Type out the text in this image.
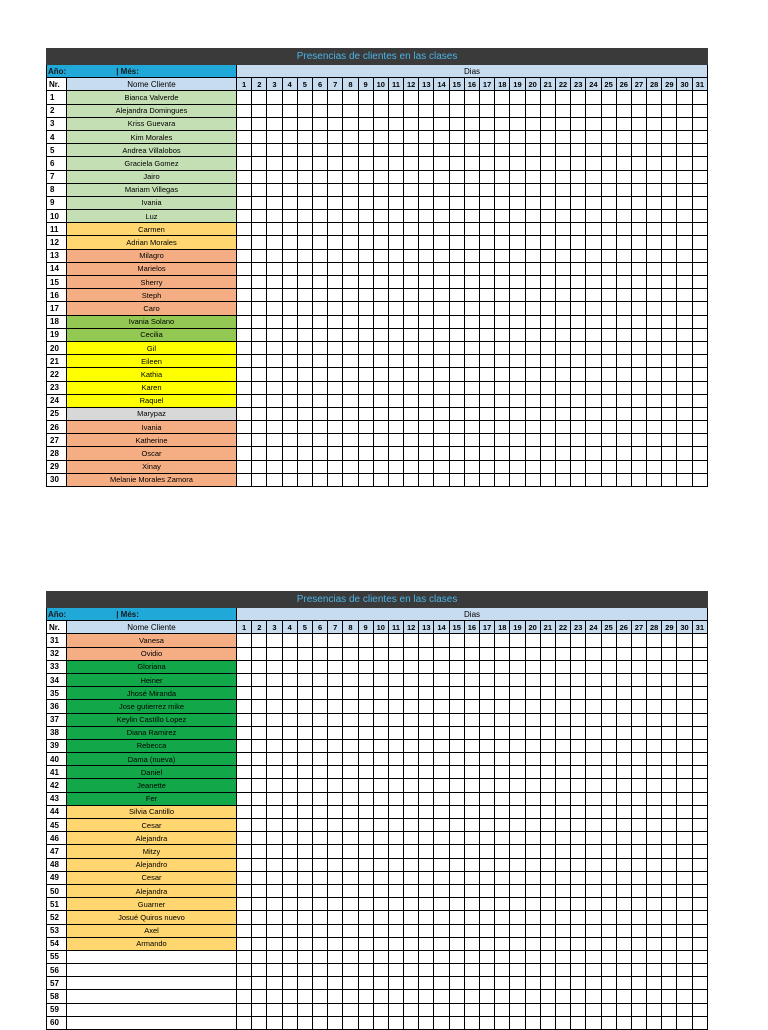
Presencias de clientes en las clases																																
Año: | Més:		Dias																														
Nr.	Nome Cliente	1	2	3	4	5	6	7	8	9	10	11	12	13	14	15	16	17	18	19	20	21	22	23	24	25	26	27	28	29	30	31
1	Bianca Valverde																															
2	Alejandra Domingues																															
3	Kriss Guevara																															
4	Kim Morales																															
5	Andrea Villalobos																															
6	Graciela Gomez																															
7	Jairo																															
8	Mariam Villegas																															
9	Ivania																															
10	Luz																															
11	Carmen																															
12	Adrian Morales																															
13	Milagro																															
14	Marielos																															
15	Sherry																															
16	Steph																															
17	Caro																															
18	Ivania Solano																															
19	Cecilia																															
20	Gil																															
21	Eileen																															
22	Kathia																															
23	Karen																															
24	Raquel																															
25	Marypaz																															
26	Ivania																															
27	Katherine																															
28	Oscar																															
29	Xinay																															
30	Melanie Morales Zamora																															
Presencias de clientes en las clases																																
Año: | Més:		Dias																														
Nr.	Nome Cliente	1	2	3	4	5	6	7	8	9	10	11	12	13	14	15	16	17	18	19	20	21	22	23	24	25	26	27	28	29	30	31
31	Vanesa																															
32	Ovidio																															
33	Gloriana																															
34	Heiner																															
35	Jhosé Miranda																															
36	Jose gutierrez mike																															
37	Keylin Castillo Lopez																															
38	Diana Ramirez																															
39	Rebecca																															
40	Dama (nueva)																															
41	Daniel																															
42	Jeanette																															
43	Fer																															
44	Silvia Cantillo																															
45	Cesar																															
46	Alejandra																															
47	Mitzy																															
48	Alejandro																															
49	Cesar																															
50	Alejandra																															
51	Guarner																															
52	Josué Quiros nuevo																															
53	Axel																															
54	Armando																															
55																																
56																																
57																																
58																																
59																																
60																																
